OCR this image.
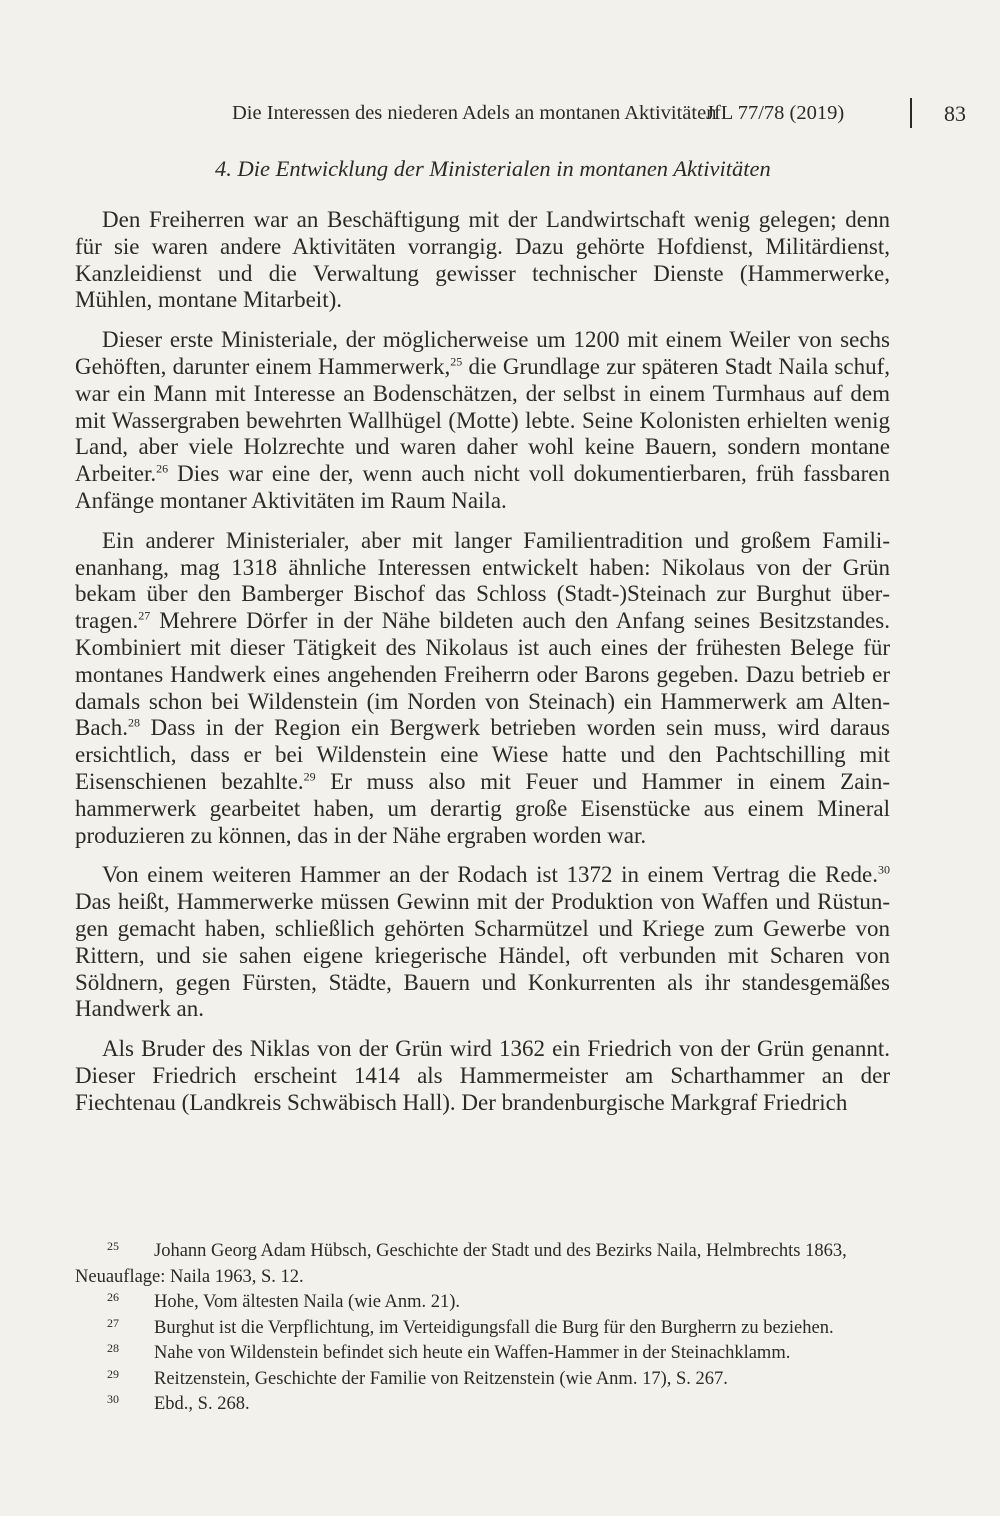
Die Interessen des niederen Adels an montanen Aktivitäten
JfL 77/78 (2019)	83
4. Die Entwicklung der Ministerialen in montanen Aktivitäten

Den Freiherren war an Beschäftigung mit der Landwirtschaft wenig gelegen; denn für sie waren andere Aktivitäten vorrangig. Dazu gehörte Hofdienst, Militärdienst, Kanzleidienst und die Verwaltung gewisser technischer Dienste (Hammerwerke, Mühlen, montane Mitarbeit).

Dieser erste Ministeriale, der möglicherweise um 1200 mit einem Weiler von sechs Gehöften, darunter einem Hammerwerk,$^{25}$ die Grundlage zur späteren Stadt Naila schuf, war ein Mann mit Interesse an Bodenschätzen, der selbst in einem Turmhaus auf dem mit Wassergraben bewehrten Wallhügel (Motte) lebte. Seine Kolonisten erhielten wenig Land, aber viele Holzrechte und waren daher wohl keine Bauern, sondern montane Arbeiter.$^{26}$ Dies war eine der, wenn auch nicht voll dokumentierbaren, früh fassbaren Anfänge montaner Aktivitäten im Raum Naila.

Ein anderer Ministerialer, aber mit langer Familientradition und großem Familienanhang, mag 1318 ähnliche Interessen entwickelt haben: Nikolaus von der Grün bekam über den Bamberger Bischof das Schloss (Stadt-)Steinach zur Burghut übertragen.$^{27}$ Mehrere Dörfer in der Nähe bildeten auch den Anfang seines Besitzstandes. Kombiniert mit dieser Tätigkeit des Nikolaus ist auch eines der frühesten Belege für montanes Handwerk eines angehenden Freiherrn oder Barons gegeben. Dazu betrieb er damals schon bei Wildenstein (im Norden von Steinach) ein Hammerwerk am Alten-Bach.$^{28}$ Dass in der Region ein Bergwerk betrieben worden sein muss, wird daraus ersichtlich, dass er bei Wildenstein eine Wiese hatte und den Pachtschilling mit Eisenschienen bezahlte.$^{29}$ Er muss also mit Feuer und Hammer in einem Zainhammerwerk gearbeitet haben, um derartig große Eisenstücke aus einem Mineral produzieren zu können, das in der Nähe ergraben worden war.

Von einem weiteren Hammer an der Rodach ist 1372 in einem Vertrag die Rede.$^{30}$ Das heißt, Hammerwerke müssen Gewinn mit der Produktion von Waffen und Rüstungen gemacht haben, schließlich gehörten Scharmützel und Kriege zum Gewerbe von Rittern, und sie sahen eigene kriegerische Händel, oft verbunden mit Scharen von Söldnern, gegen Fürsten, Städte, Bauern und Konkurrenten als ihr standesgemäßes Handwerk an.

Als Bruder des Niklas von der Grün wird 1362 ein Friedrich von der Grün genannt. Dieser Friedrich erscheint 1414 als Hammermeister am Scharthammer an der Fiechtenau (Landkreis Schwäbisch Hall). Der brandenburgische Markgraf Friedrich

25 Johann Georg Adam Hübsch, Geschichte der Stadt und des Bezirks Naila, Helmbrechts 1863, Neuauflage: Naila 1963, S. 12.

26 Hohe, Vom ältesten Naila (wie Anm. 21).

27 Burghut ist die Verpflichtung, im Verteidigungsfall die Burg für den Burgherrn zu beziehen.

28 Nahe von Wildenstein befindet sich heute ein Waffen-Hammer in der Steinachklamm.

29 Reitzenstein, Geschichte der Familie von Reitzenstein (wie Anm. 17), S. 267.

30 Ebd., S. 268.
